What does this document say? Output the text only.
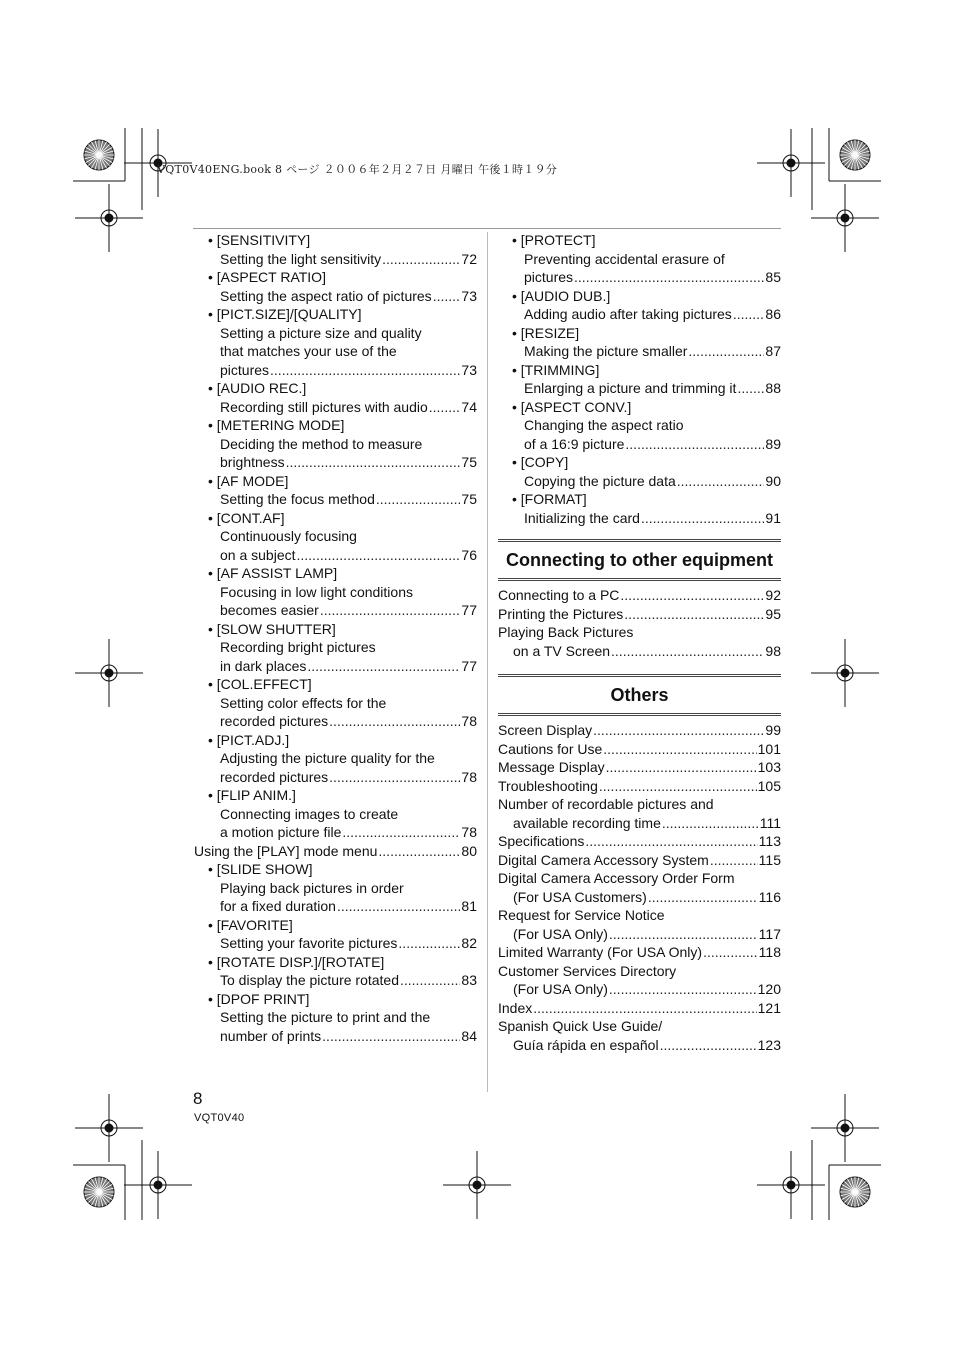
VQT0V40ENG.book 8 ページ ２００６年２月２７日 月曜日 午後１時１９分
• [SENSITIVITY]
Setting the light sensitivity .....	72
• [ASPECT RATIO]
Setting the aspect ratio of pictures ..... 73
• [PICT.SIZE]/[QUALITY]
Setting a picture size and quality
that matches your use of the
pictures .....	73
• [AUDIO REC.]
Recording still pictures with audio ..... 74
• [METERING MODE]
Deciding the method to measure
brightness .....	75
• [AF MODE]
Setting the focus method .....	75
• [CONT.AF]
Continuously focusing
on a subject .....	76
• [AF ASSIST LAMP]
Focusing in low light conditions
becomes easier .....	77
• [SLOW SHUTTER]
Recording bright pictures
in dark places .....	77
• [COL.EFFECT]
Setting color effects for the
recorded pictures .....	78
• [PICT.ADJ.]
Adjusting the picture quality for the
recorded pictures .....	78
• [FLIP ANIM.]
Connecting images to create
a motion picture file .....	78
Using the [PLAY] mode menu .....	80
• [SLIDE SHOW]
Playing back pictures in order
for a fixed duration .....	81
• [FAVORITE]
Setting your favorite pictures .....	82
• [ROTATE DISP.]/[ROTATE]
To display the picture rotated .....	83
• [DPOF PRINT]
Setting the picture to print and the
number of prints .....	84
• [PROTECT]
Preventing accidental erasure of
pictures .....	85
• [AUDIO DUB.]
Adding audio after taking pictures ..... 86
• [RESIZE]
Making the picture smaller .....	87
• [TRIMMING]
Enlarging a picture and trimming it ..... 88
• [ASPECT CONV.]
Changing the aspect ratio
of a 16:9 picture .....	89
• [COPY]
Copying the picture data .....	90
• [FORMAT]
Initializing the card .....	91
Connecting to other equipment
Connecting to a PC .....	92
Printing the Pictures .....	95
Playing Back Pictures
on a TV Screen .....	98
Others
Screen Display .....	99
Cautions for Use .....	101
Message Display .....	103
Troubleshooting .....	105
Number of recordable pictures and
available recording time .....	111
Specifications .....	113
Digital Camera Accessory System .....	115
Digital Camera Accessory Order Form
(For USA Customers) .....	116
Request for Service Notice
(For USA Only) .....	117
Limited Warranty (For USA Only) .....	118
Customer Services Directory
(For USA Only) .....	120
Index .....	121
Spanish Quick Use Guide/
Guía rápida en español .....	123
8
VQT0V40
